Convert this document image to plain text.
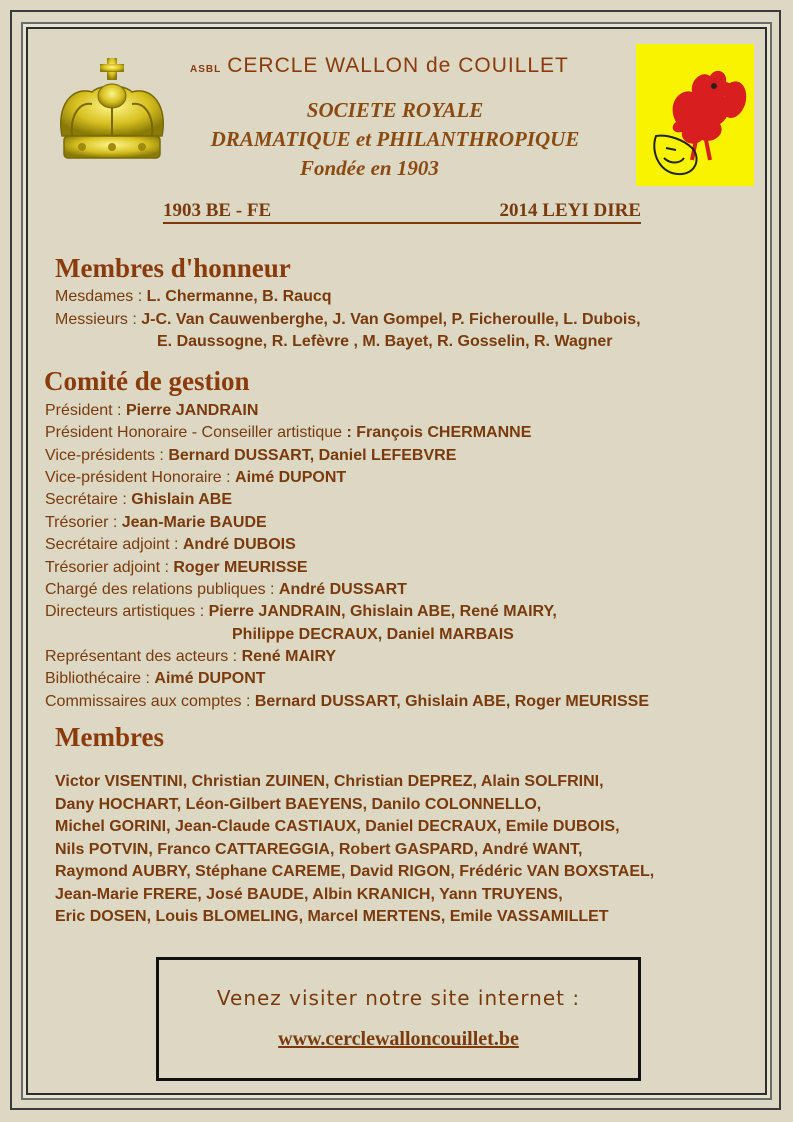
ASBL CERCLE WALLON de COUILLET
SOCIETE ROYALE
DRAMATIQUE et PHILANTHROPIQUE
Fondée en 1903
1903 BE - FE	2014 LEYI DIRE
Membres d'honneur
Mesdames : L. Chermanne, B. Raucq
Messieurs : J-C. Van Cauwenberghe, J. Van Gompel, P. Ficheroulle, L. Dubois,
E. Daussogne, R. Lefèvre , M. Bayet, R. Gosselin, R. Wagner
Comité de gestion
Président : Pierre JANDRAIN
Président Honoraire - Conseiller artistique : François CHERMANNE
Vice-présidents : Bernard DUSSART, Daniel LEFEBVRE
Vice-président Honoraire : Aimé DUPONT
Secrétaire : Ghislain ABE
Trésorier : Jean-Marie BAUDE
Secrétaire adjoint : André DUBOIS
Trésorier adjoint : Roger MEURISSE
Chargé des relations publiques : André DUSSART
Directeurs artistiques : Pierre JANDRAIN, Ghislain ABE, René MAIRY,
Philippe DECRAUX, Daniel MARBAIS
Représentant des acteurs : René MAIRY
Bibliothécaire : Aimé DUPONT
Commissaires aux comptes : Bernard DUSSART, Ghislain ABE, Roger MEURISSE
Membres
Victor VISENTINI, Christian ZUINEN, Christian DEPREZ, Alain SOLFRINI,
Dany HOCHART, Léon-Gilbert BAEYENS, Danilo COLONNELLO,
Michel GORINI, Jean-Claude CASTIAUX, Daniel DECRAUX, Emile DUBOIS,
Nils POTVIN, Franco CATTAREGGIA, Robert GASPARD, André WANT,
Raymond AUBRY, Stéphane CAREME, David RIGON, Frédéric VAN BOXSTAEL,
Jean-Marie FRERE, José BAUDE, Albin KRANICH, Yann TRUYENS,
Eric DOSEN, Louis BLOMELING, Marcel MERTENS, Emile VASSAMILLET
Venez visiter notre site internet :
www.cerclewalloncouillet.be
